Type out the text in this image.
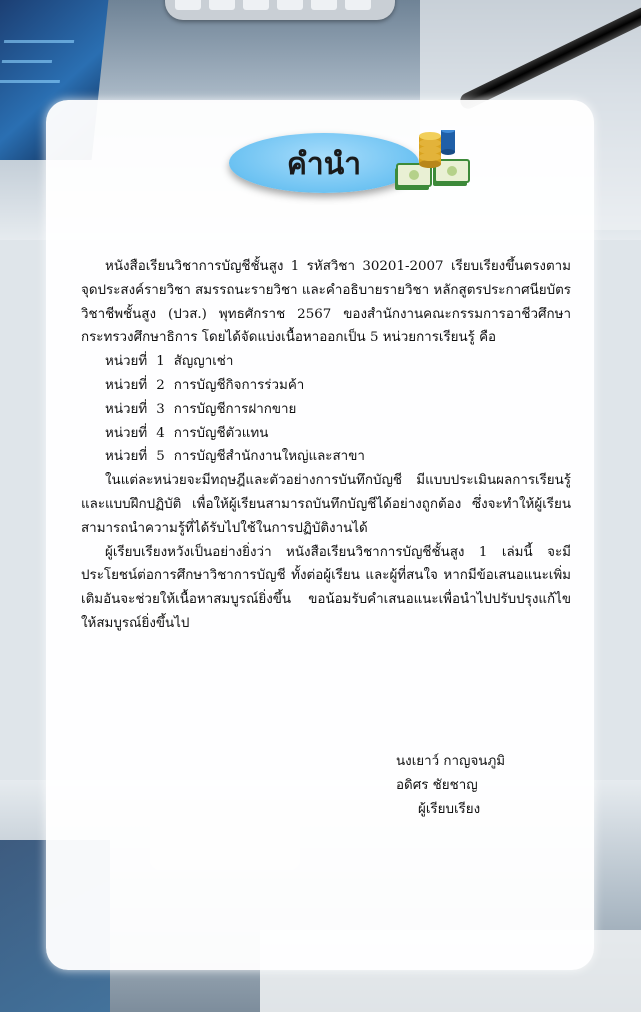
คำนำ

หนังสือเรียนวิชาการบัญชีชั้นสูง 1 รหัสวิชา 30201-2007 เรียบเรียงขึ้นตรงตามจุดประสงค์รายวิชา สมรรถนะรายวิชา และคำอธิบายรายวิชา หลักสูตรประกาศนียบัตรวิชาชีพชั้นสูง (ปวส.) พุทธศักราช 2567 ของสำนักงานคณะกรรมการอาชีวศึกษา กระทรวงศึกษาธิการ โดยได้จัดแบ่งเนื้อหาออกเป็น 5 หน่วยการเรียนรู้ คือ

หน่วยที่ 1 สัญญาเช่า

หน่วยที่ 2 การบัญชีกิจการร่วมค้า

หน่วยที่ 3 การบัญชีการฝากขาย

หน่วยที่ 4 การบัญชีตัวแทน

หน่วยที่ 5 การบัญชีสำนักงานใหญ่และสาขา

ในแต่ละหน่วยจะมีทฤษฎีและตัวอย่างการบันทึกบัญชี มีแบบประเมินผลการเรียนรู้และแบบฝึกปฏิบัติ เพื่อให้ผู้เรียนสามารถบันทึกบัญชีได้อย่างถูกต้อง ซึ่งจะทำให้ผู้เรียนสามารถนำความรู้ที่ได้รับไปใช้ในการปฏิบัติงานได้

ผู้เรียบเรียงหวังเป็นอย่างยิ่งว่า หนังสือเรียนวิชาการบัญชีชั้นสูง 1 เล่มนี้ จะมีประโยชน์ต่อการศึกษาวิชาการบัญชี ทั้งต่อผู้เรียน และผู้ที่สนใจ หากมีข้อเสนอแนะเพิ่มเติมอันจะช่วยให้เนื้อหาสมบูรณ์ยิ่งขึ้น ขอน้อมรับคำเสนอแนะเพื่อนำไปปรับปรุงแก้ไขให้สมบูรณ์ยิ่งขึ้นไป

นงเยาว์ กาญจนภูมิ
อดิศร ชัยชาญ
ผู้เรียบเรียง
